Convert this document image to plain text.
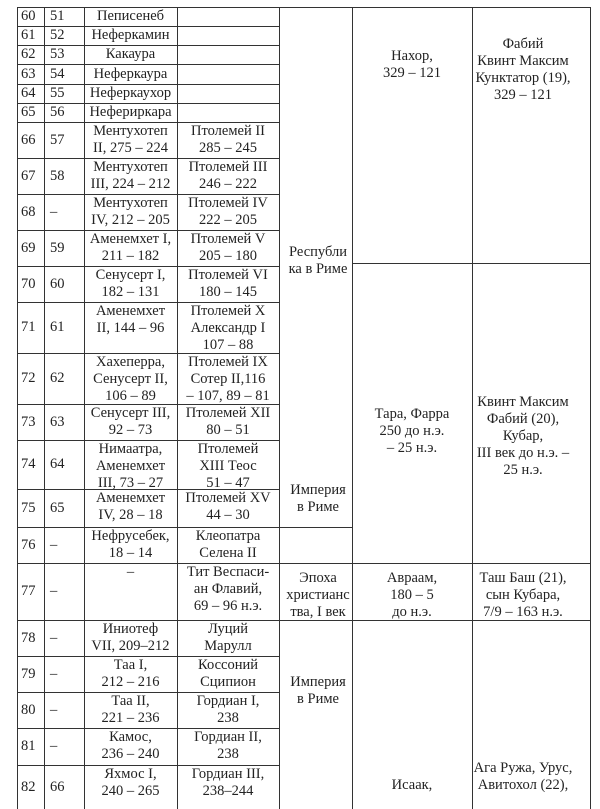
60 51 Пеписенеб
61 52 Неферкамин
62 53	Какаура
63 54 Неферкаура
64 55 Неферкаухор
65 56 Нефериркара
66 57
Ментухотеп
II, 275 – 224
Птолемей II
285 – 245
67 58
Ментухотеп
III, 224 – 212
Птолемей III
246 – 222
68 –
Ментухотеп
IV, 212 – 205
Птолемей IV
222 – 205
69 59
Аменемхет I,
211 – 182
Птолемей V
205 – 180
70 60
Сенусерт I,
182 – 131
Птолемей VI
180 – 145
71 61
Аменемхет
II, 144 – 96
Птолемей X
Александр I
107 – 88
72 62
Хахеперра,
Сенусерт II,
106 – 89
Птолемей IX
Сотер II,116
– 107, 89 – 81
73 63
Сенусерт III,
92 – 73
Птолемей XII
80 – 51
74 64
Нимаатра,
Аменемхет
III, 73 – 27
Птолемей
XIII Теос
51 – 47
75 65
Аменемхет
IV, 28 – 18
Птолемей XV
44 – 30
76 –
Нефрусебек,
18 – 14
Клеопатра
Селена II
77 –
–	Тит Веспаси-
ан Флавий,
69 – 96 н.э.
78 –
Иниотеф
VII, 209–212
Луций
Марулл
79 –
Таа I,
212 – 216
Коссоний
Сципион
80 –
Таа II,
221 – 236
Гордиан I,
238
81 –
Камос,
236 – 240
Гордиан II,
238
82 66
Яхмос I,
240 – 265
Гордиан III,
238–244
Республи
ка в Риме
Империя
в Риме
Эпоха
христианс
тва, I век
Империя
в Риме
Нахор,
329 – 121
Тара, Фарра
250 до н.э.
– 25 н.э.
Авраам,
180 – 5
до н.э.
Исаак,
Фабий
Квинт Максим
Кунктатор (19),
329 – 121
Квинт Максим
Фабий (20),
Кубар,
III век до н.э. –
25 н.э.
Таш Баш (21),
сын Кубара,
7/9 – 163 н.э.
Ага Ружа, Урус,
Авитохол (22),
